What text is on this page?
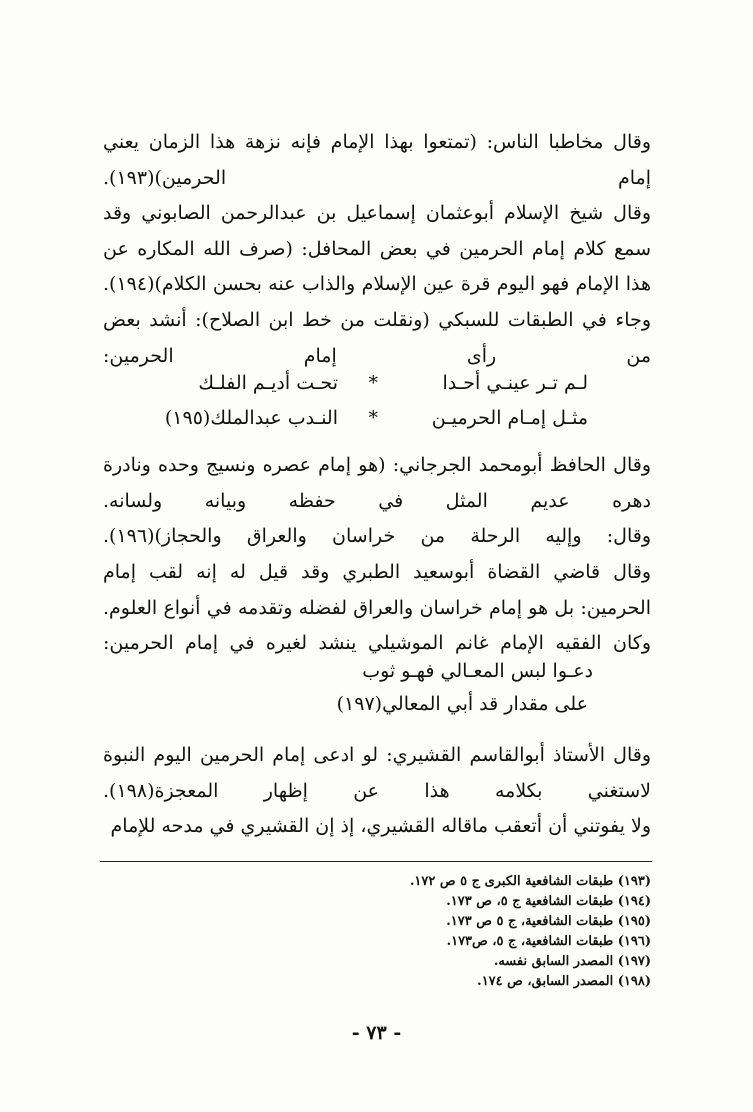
وقال مخاطبا الناس: (تمتعوا بهذا الإمام فإنه نزهة هذا الزمان يعني إمام الحرمين)(١٩٣).

وقال شيخ الإسلام أبوعثمان إسماعيل بن عبدالرحمن الصابوني وقد سمع كلام إمام الحرمين في بعض المحافل: (صرف الله المكاره عن هذا الإمام فهو اليوم قرة عين الإسلام والذاب عنه بحسن الكلام)(١٩٤).

وجاء في الطبقات للسبكي (ونقلت من خط ابن الصلاح): أنشد بعض من رأى إمام الحرمين:

لـم تـر عينـي أحـدا
*
تحـت أديـم الفلـك
مثـل إمـام الحرميـن
*
النـدب عبدالملك(١٩٥)

وقال الحافظ أبومحمد الجرجاني: (هو إمام عصره ونسيج وحده ونادرة دهره عديم المثل في حفظه وبيانه ولسانه.

وقال: وإليه الرحلة من خراسان والعراق والحجاز)(١٩٦).

وقال قاضي القضاة أبوسعيد الطبري وقد قيل له إنه لقب إمام الحرمين: بل هو إمام خراسان والعراق لفضله وتقدمه في أنواع العلوم. وكان الفقيه الإمام غانم الموشيلي ينشد لغيره في إمام الحرمين:

دعـوا لبس المعـالي فهـو ثوب
على مقدار قد أبي المعالي(١٩٧)

وقال الأستاذ أبوالقاسم القشيري: لو ادعى إمام الحرمين اليوم النبوة لاستغني بكلامه هذا عن إظهار المعجزة(١٩٨).

ولا يفوتني أن أتعقب ماقاله القشيري، إذ إن القشيري في مدحه للإمام

(١٩٣) طبقات الشافعية الكبرى ج ٥ ص ١٧٢.
(١٩٤) طبقات الشافعية ج ٥، ص ١٧٣.
(١٩٥) طبقات الشافعية، ج ٥ ص ١٧٣.
(١٩٦) طبقات الشافعية، ج ٥، ص١٧٣.
(١٩٧) المصدر السابق نفسه.
(١٩٨) المصدر السابق، ص ١٧٤.
- ٧٣ -
